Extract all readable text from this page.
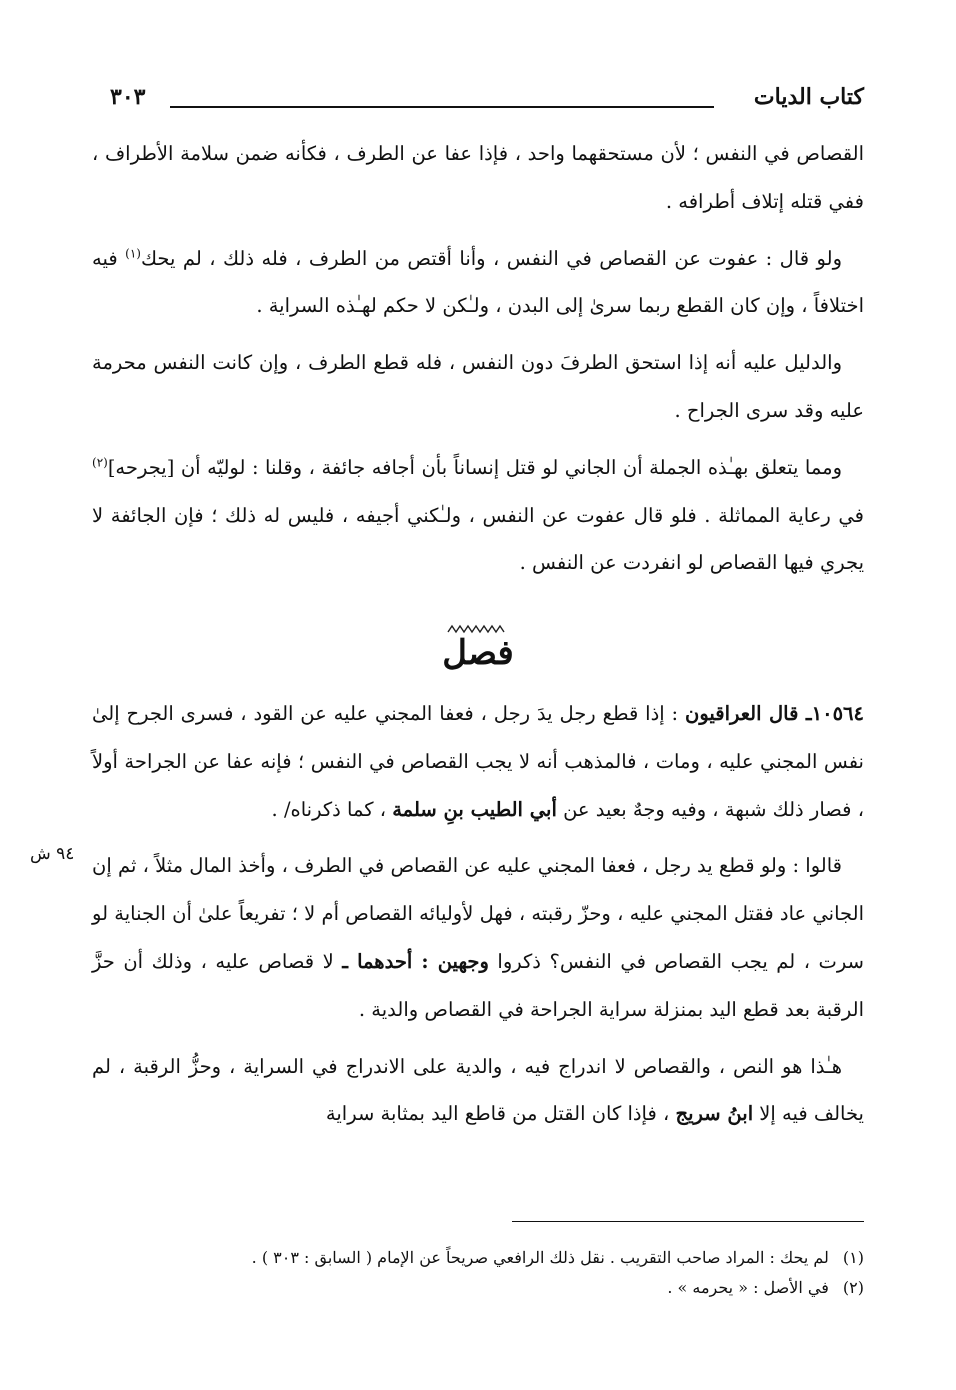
كتاب الديات
٣٠٣

القصاص في النفس ؛ لأن مستحقهما واحد ، فإذا عفا عن الطرف ، فكأنه ضمن سلامة الأطراف ، ففي قتله إتلاف أطرافه .

ولو قال : عفوت عن القصاص في النفس ، وأنا أقتص من الطرف ، فله ذلك ، لم يحك$^{(١)}$ فيه اختلافاً ، وإن كان القطع ربما سرىٰ إلى البدن ، ولـٰكن لا حكم لهـٰذه السراية .

والدليل عليه أنه إذا استحق الطرفَ دون النفس ، فله قطع الطرف ، وإن كانت النفس محرمة عليه وقد سرى الجراح .

ومما يتعلق بهـٰذه الجملة أن الجاني لو قتل إنساناً بأن أجافه جائفة ، وقلنا : لوليّه أن [يجرحه]$^{(٢)}$ في رعاية المماثلة . فلو قال عفوت عن النفس ، ولـٰكني أجيفه ، فليس له ذلك ؛ فإن الجائفة لا يجري فيها القصاص لو انفردت عن النفس .

فصل

١٠٥٦٤ـ قال العراقيون : إذا قطع رجل يدَ رجل ، فعفا المجني عليه عن القود ، فسرى الجرح إلىٰ نفس المجني عليه ، ومات ، فالمذهب أنه لا يجب القصاص في النفس ؛ فإنه عفا عن الجراحة أولاً ، فصار ذلك شبهة ، وفيه وجهٌ بعيد عن أبي الطيب بنِ سلمة ، كما ذكرناه/ .

قالوا : ولو قطع يد رجل ، فعفا المجني عليه عن القصاص في الطرف ، وأخذ المال مثلاً ، ثم إن الجاني عاد فقتل المجني عليه ، وحزّ رقبته ، فهل لأوليائه القصاص أم لا ؛ تفريعاً علىٰ أن الجناية لو سرت ، لم يجب القصاص في النفس؟ ذكروا وجهين : أحدهما ـ لا قصاص عليه ، وذلك أن حزَّ الرقبة بعد قطع اليد بمنزلة سراية الجراحة في القصاص والدية .

هـٰذا هو النص ، والقصاص لا اندراج فيه ، والدية على الاندراج في السراية ، وحزُّ الرقبة ، لم يخالف فيه إلا ابنُ سريج ، فإذا كان القتل من قاطع اليد بمثابة سراية

٩٤ ش

(١)لم يحك : المراد صاحب التقريب . نقل ذلك الرافعي صريحاً عن الإمام ( السابق : ٣٠٣ ) .

(٢)في الأصل : « يحرمه » .
